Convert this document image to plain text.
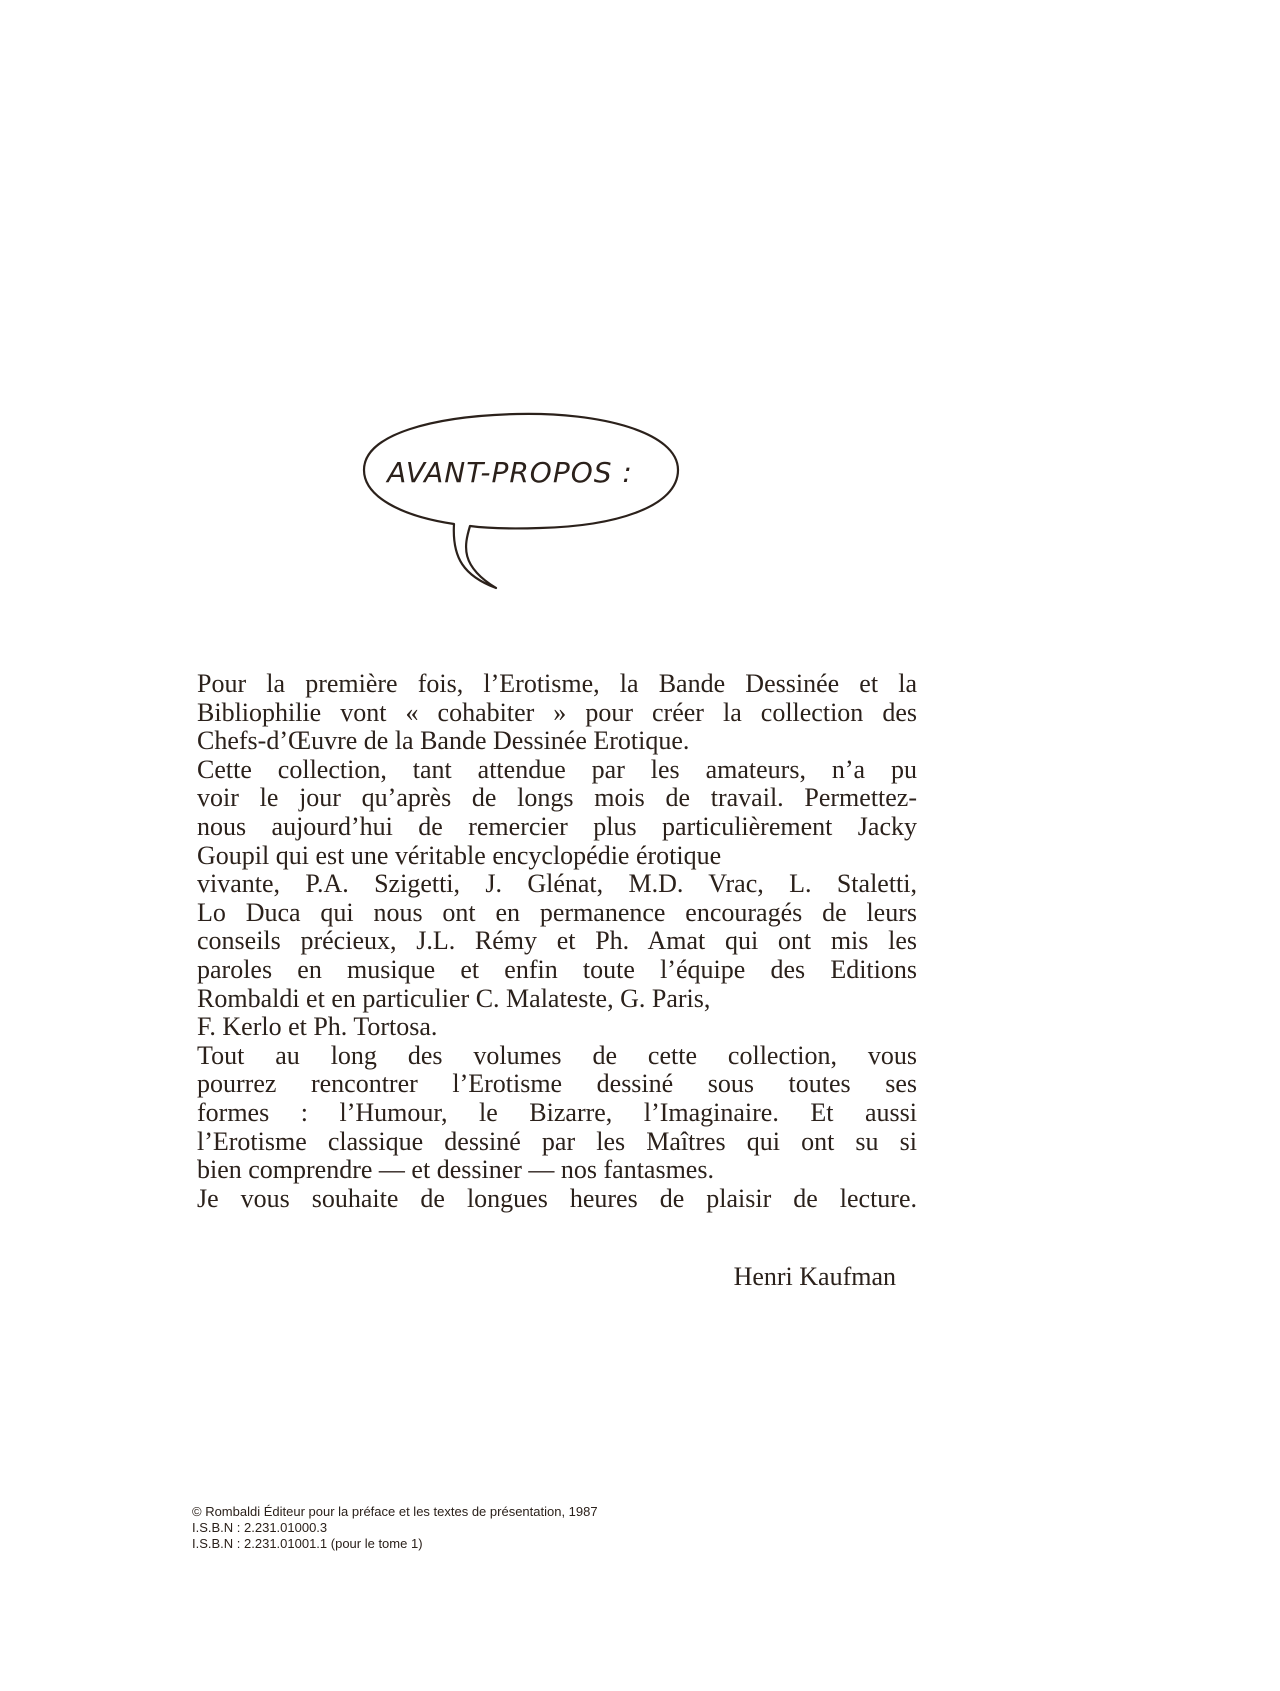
AVANT-PROPOS :
Pour la première fois, l’Erotisme, la Bande Dessinée et la
Bibliophilie vont « cohabiter » pour créer la collection des
Chefs-d’Œuvre de la Bande Dessinée Erotique.
Cette collection, tant attendue par les amateurs, n’a pu
voir le jour qu’après de longs mois de travail. Permettez-
nous aujourd’hui de remercier plus particulièrement Jacky
Goupil qui est une véritable encyclopédie érotique
vivante, P.A. Szigetti, J. Glénat, M.D. Vrac, L. Staletti,
Lo Duca qui nous ont en permanence encouragés de leurs
conseils précieux, J.L. Rémy et Ph. Amat qui ont mis les
paroles en musique et enfin toute l’équipe des Editions
Rombaldi et en particulier C. Malateste, G. Paris,
F. Kerlo et Ph. Tortosa.
Tout au long des volumes de cette collection, vous
pourrez rencontrer l’Erotisme dessiné sous toutes ses
formes : l’Humour, le Bizarre, l’Imaginaire. Et aussi
l’Erotisme classique dessiné par les Maîtres qui ont su si
bien comprendre — et dessiner — nos fantasmes.
Je vous souhaite de longues heures de plaisir de lecture.
Henri Kaufman
© Rombaldi Éditeur pour la préface et les textes de présentation, 1987
I.S.B.N : 2.231.01000.3
I.S.B.N : 2.231.01001.1 (pour le tome 1)
